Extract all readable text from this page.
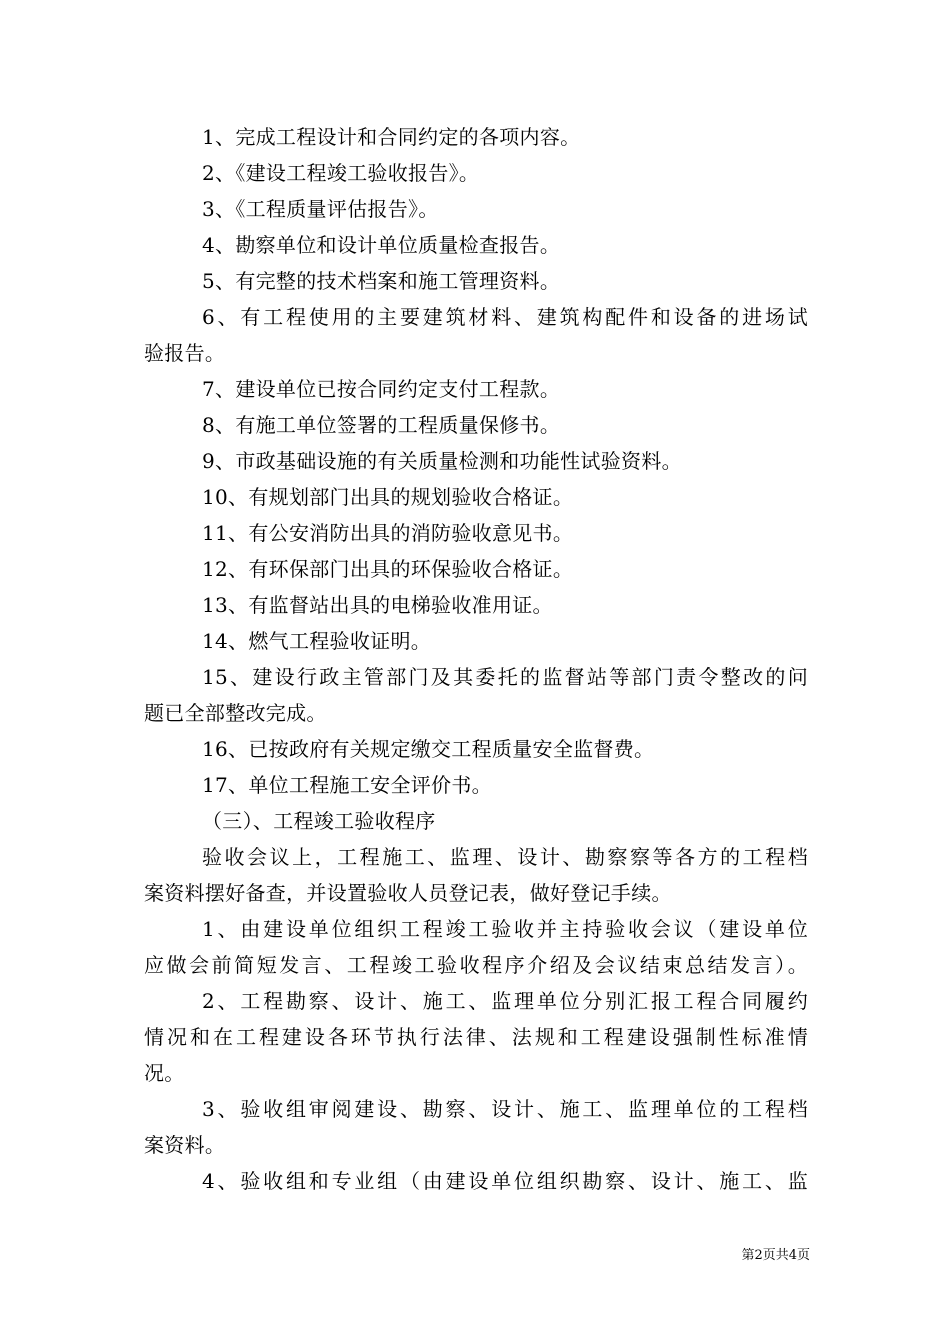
1、完成工程设计和合同约定的各项内容。
2、《建设工程竣工验收报告》。
3、《工程质量评估报告》。
4、勘察单位和设计单位质量检查报告。
5、有完整的技术档案和施工管理资料。
6、有工程使用的主要建筑材料、建筑构配件和设备的进场试
验报告。
7、建设单位已按合同约定支付工程款。
8、有施工单位签署的工程质量保修书。
9、市政基础设施的有关质量检测和功能性试验资料。
10、有规划部门出具的规划验收合格证。
11、有公安消防出具的消防验收意见书。
12、有环保部门出具的环保验收合格证。
13、有监督站出具的电梯验收准用证。
14、燃气工程验收证明。
15、建设行政主管部门及其委托的监督站等部门责令整改的问
题已全部整改完成。
16、已按政府有关规定缴交工程质量安全监督费。
17、单位工程施工安全评价书。
（三）、工程竣工验收程序
验收会议上，工程施工、监理、设计、勘察察等各方的工程档
案资料摆好备查，并设置验收人员登记表，做好登记手续。
1、由建设单位组织工程竣工验收并主持验收会议（建设单位
应做会前简短发言、工程竣工验收程序介绍及会议结束总结发言）。
2、工程勘察、设计、施工、监理单位分别汇报工程合同履约
情况和在工程建设各环节执行法律、法规和工程建设强制性标准情
况。
3、验收组审阅建设、勘察、设计、施工、监理单位的工程档
案资料。
4、验收组和专业组（由建设单位组织勘察、设计、施工、监
第2页共4页
